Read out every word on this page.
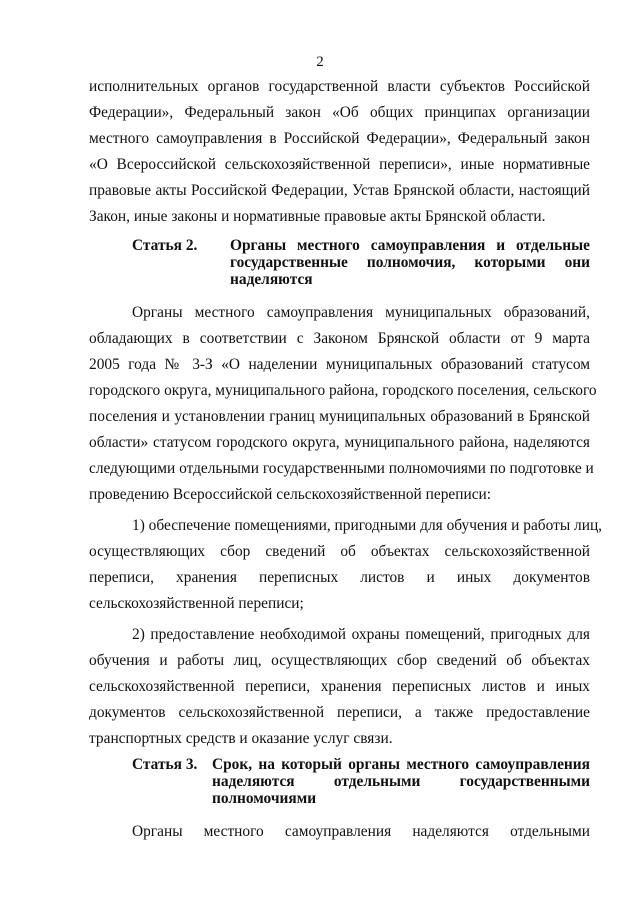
2
исполнительных органов государственной власти субъектов Российской
Федерации», Федеральный закон «Об общих принципах организации
местного самоуправления в Российской Федерации», Федеральный закон
«О Всероссийской сельскохозяйственной переписи», иные нормативные
правовые акты Российской Федерации, Устав Брянской области, настоящий
Закон, иные законы и нормативные правовые акты Брянской области.
Статья 2. Органы местного самоуправления и отдельные
государственные полномочия, которыми они
наделяются
Органы местного самоуправления муниципальных образований,
обладающих в соответствии с Законом Брянской области от 9 марта
2005 года № 3-З «О наделении муниципальных образований статусом
городского округа, муниципального района, городского поселения, сельского
поселения и установлении границ муниципальных образований в Брянской
области» статусом городского округа, муниципального района, наделяются
следующими отдельными государственными полномочиями по подготовке и
проведению Всероссийской сельскохозяйственной переписи:
1) обеспечение помещениями, пригодными для обучения и работы лиц,
осуществляющих сбор сведений об объектах сельскохозяйственной
переписи, хранения переписных листов и иных документов
сельскохозяйственной переписи;
2) предоставление необходимой охраны помещений, пригодных для
обучения и работы лиц, осуществляющих сбор сведений об объектах
сельскохозяйственной переписи, хранения переписных листов и иных
документов сельскохозяйственной переписи, а также предоставление
транспортных средств и оказание услуг связи.
Статья 3. Срок, на который органы местного самоуправления
наделяются отдельными государственными
полномочиями
Органы местного самоуправления наделяются отдельными
